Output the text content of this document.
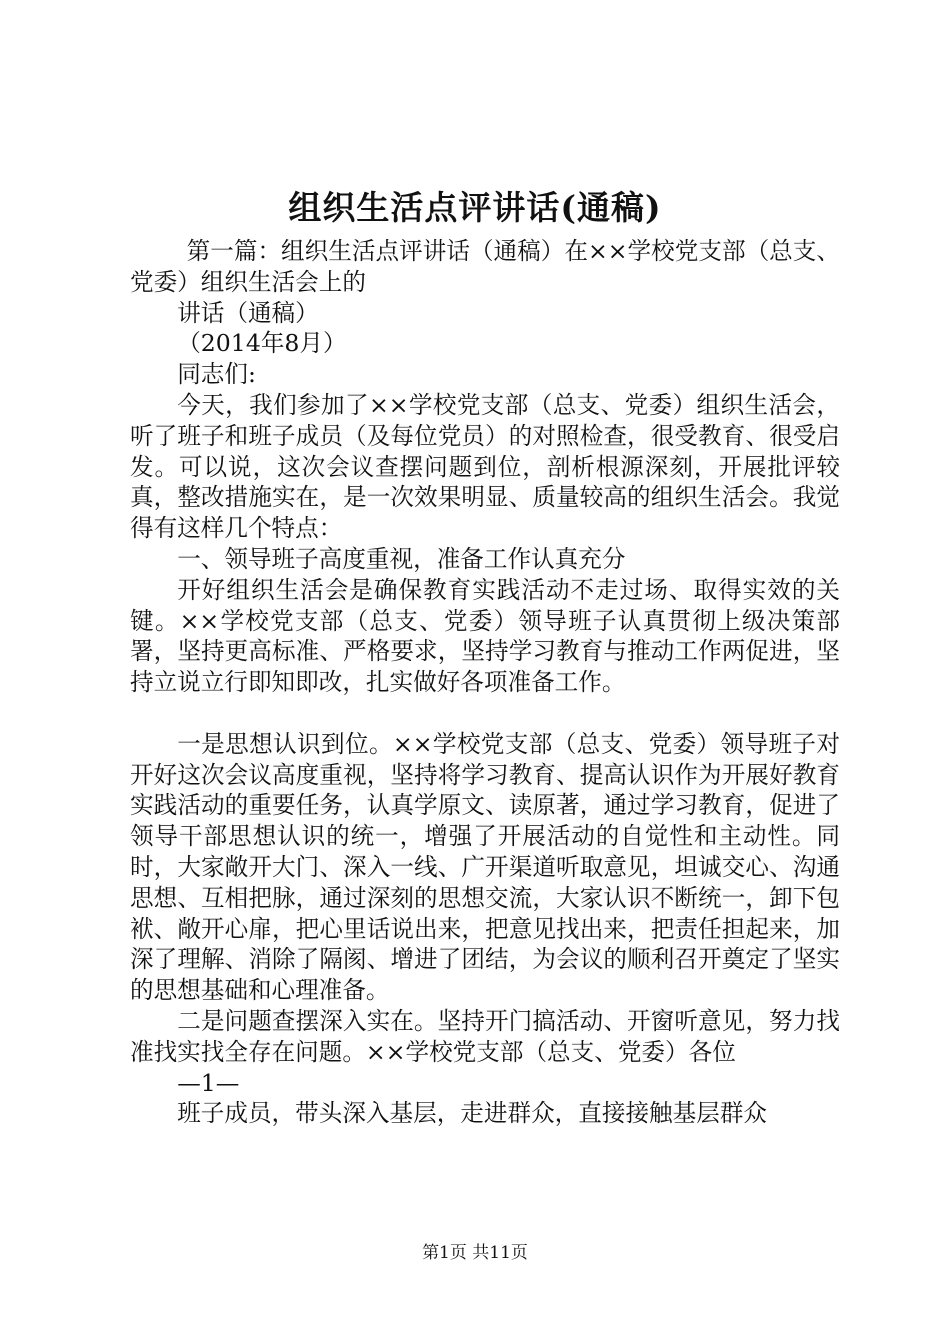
组织生活点评讲话(通稿)

第一篇：组织生活点评讲话（通稿）在××学校党支部（总支、党委）组织生活会上的

讲话（通稿）

（2014年8月）

同志们:

今天，我们参加了××学校党支部（总支、党委）组织生活会，听了班子和班子成员（及每位党员）的对照检查，很受教育、很受启发。可以说，这次会议查摆问题到位，剖析根源深刻，开展批评较真，整改措施实在，是一次效果明显、质量较高的组织生活会。我觉得有这样几个特点：

一、领导班子高度重视，准备工作认真充分

开好组织生活会是确保教育实践活动不走过场、取得实效的关键。××学校党支部（总支、党委）领导班子认真贯彻上级决策部署，坚持更高标准、严格要求，坚持学习教育与推动工作两促进，坚持立说立行即知即改，扎实做好各项准备工作。

一是思想认识到位。××学校党支部（总支、党委）领导班子对开好这次会议高度重视，坚持将学习教育、提高认识作为开展好教育实践活动的重要任务，认真学原文、读原著，通过学习教育，促进了领导干部思想认识的统一，增强了开展活动的自觉性和主动性。同时，大家敞开大门、深入一线、广开渠道听取意见，坦诚交心、沟通思想、互相把脉，通过深刻的思想交流，大家认识不断统一，卸下包袱、敞开心扉，把心里话说出来，把意见找出来，把责任担起来，加深了理解、消除了隔阂、增进了团结，为会议的顺利召开奠定了坚实的思想基础和心理准备。

二是问题查摆深入实在。坚持开门搞活动、开窗听意见，努力找准找实找全存在问题。××学校党支部（总支、党委）各位

—1—

班子成员，带头深入基层，走进群众，直接接触基层群众

第1页 共11页
